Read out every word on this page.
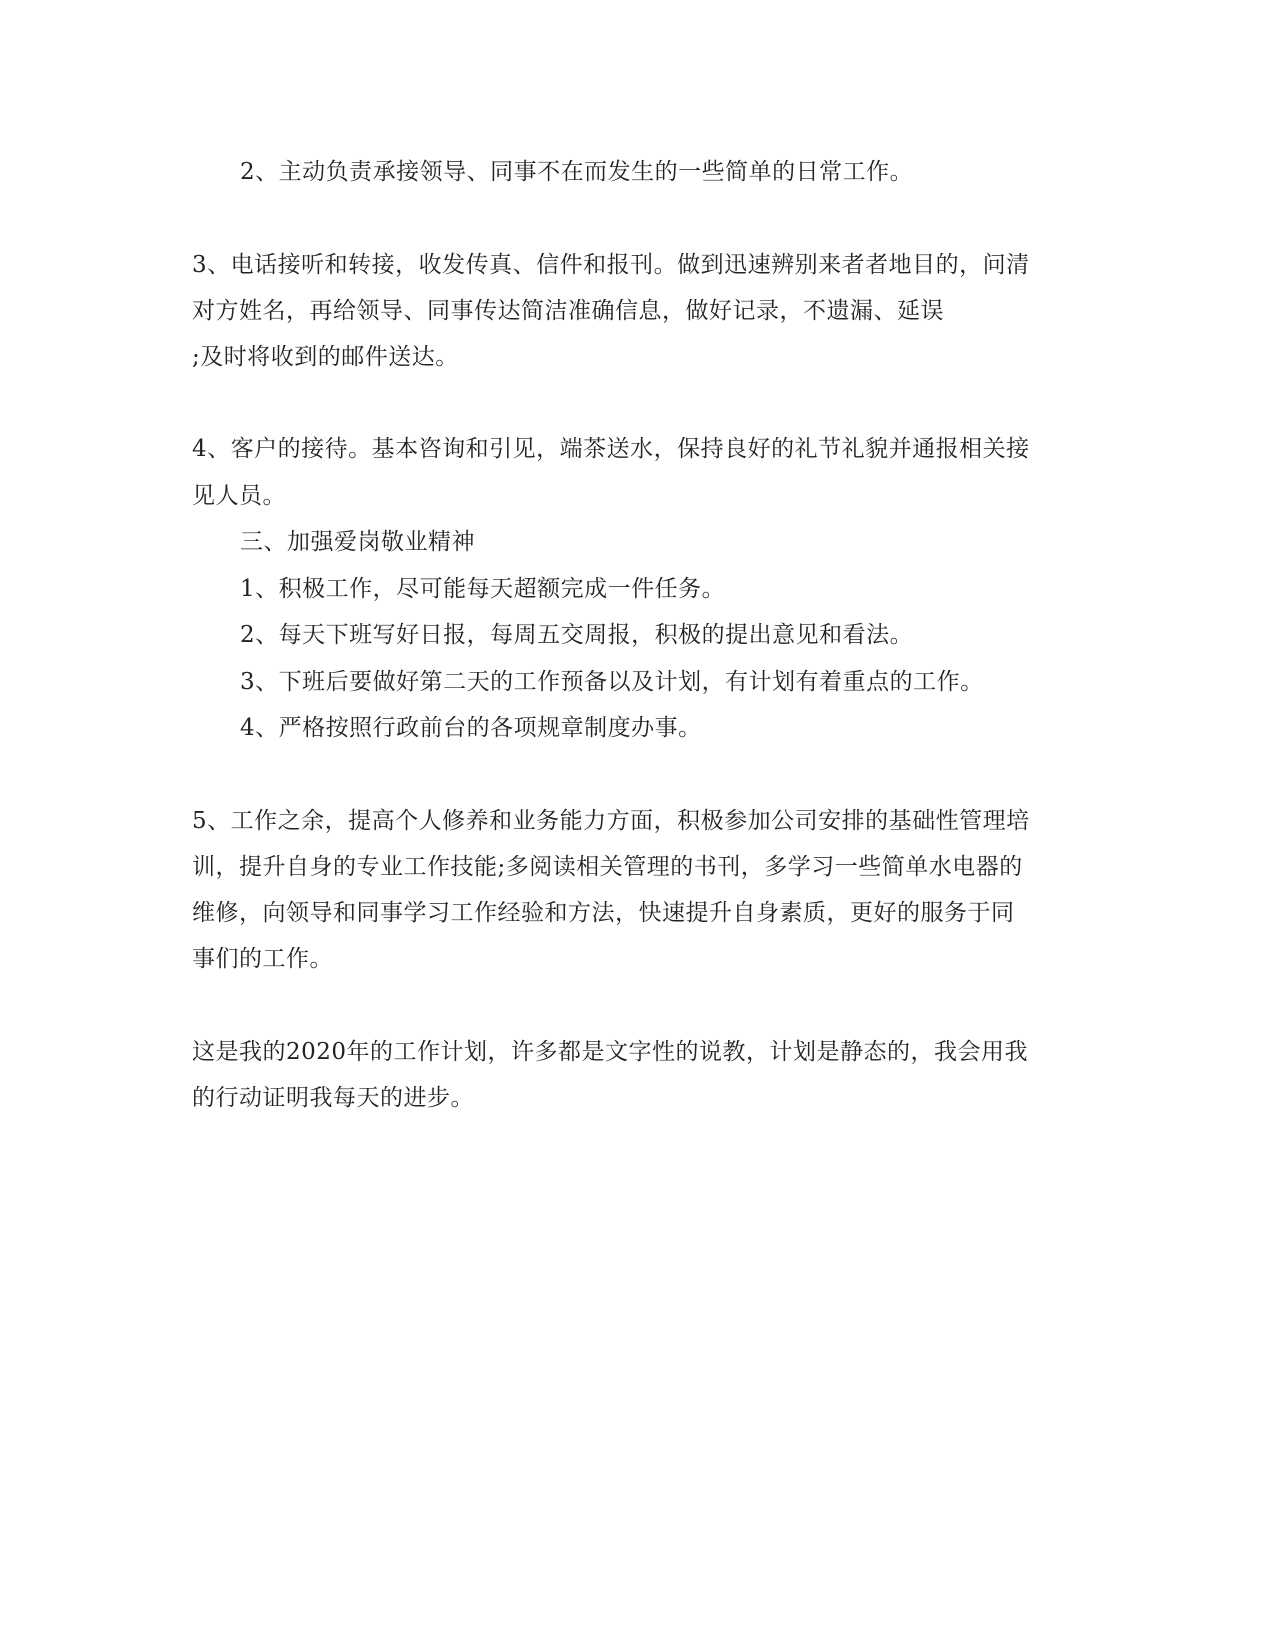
2、主动负责承接领导、同事不在而发生的一些简单的日常工作。
3、电话接听和转接，收发传真、信件和报刊。做到迅速辨别来者者地目的，问清
对方姓名，再给领导、同事传达简洁准确信息，做好记录，不遗漏、延误
;及时将收到的邮件送达。
4、客户的接待。基本咨询和引见，端茶送水，保持良好的礼节礼貌并通报相关接
见人员。
三、加强爱岗敬业精神
1、积极工作，尽可能每天超额完成一件任务。
2、每天下班写好日报，每周五交周报，积极的提出意见和看法。
3、下班后要做好第二天的工作预备以及计划，有计划有着重点的工作。
4、严格按照行政前台的各项规章制度办事。
5、工作之余，提高个人修养和业务能力方面，积极参加公司安排的基础性管理培
训，提升自身的专业工作技能;多阅读相关管理的书刊，多学习一些简单水电器的
维修，向领导和同事学习工作经验和方法，快速提升自身素质，更好的服务于同
事们的工作。
这是我的2020年的工作计划，许多都是文字性的说教，计划是静态的，我会用我
的行动证明我每天的进步。
